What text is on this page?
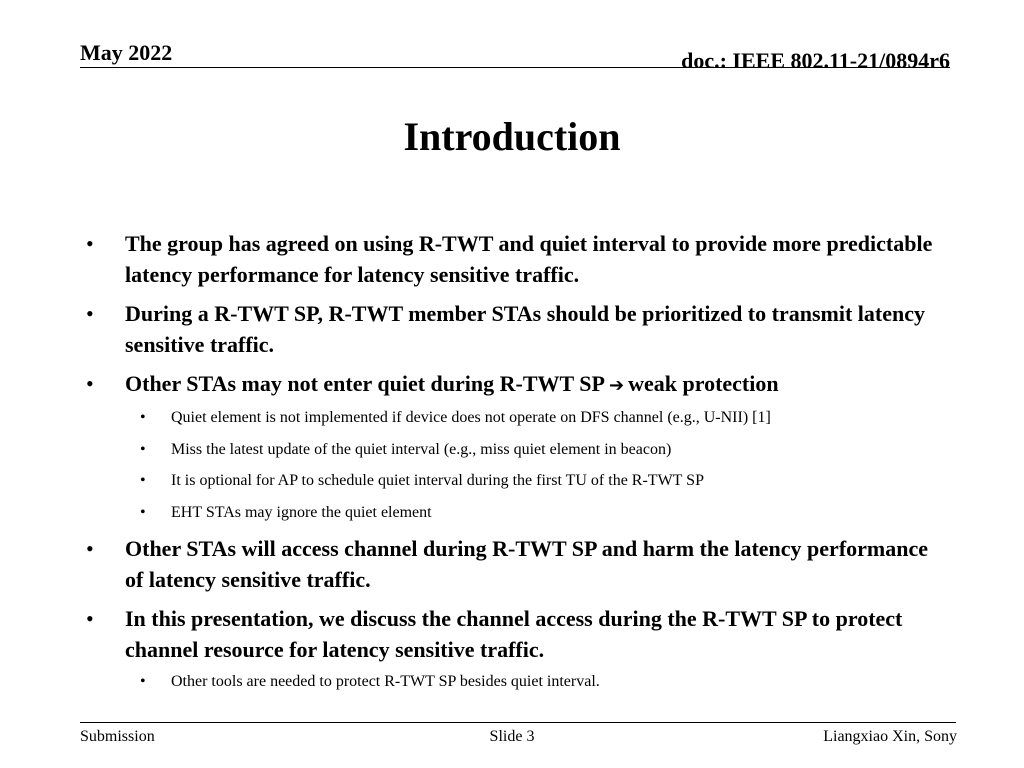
May 2022	doc.: IEEE 802.11-21/0894r6
Introduction
• The group has agreed on using R-TWT and quiet interval to provide more predictable latency performance for latency sensitive traffic.
• During a R-TWT SP, R-TWT member STAs should be prioritized to transmit latency sensitive traffic.
• Other STAs may not enter quiet during R-TWT SP ➔ weak protection
• Quiet element is not implemented if device does not operate on DFS channel (e.g., U-NII) [1]
• Miss the latest update of the quiet interval (e.g., miss quiet element in beacon)
• It is optional for AP to schedule quiet interval during the first TU of the R-TWT SP
• EHT STAs may ignore the quiet element
• Other STAs will access channel during R-TWT SP and harm the latency performance of latency sensitive traffic.
• In this presentation, we discuss the channel access during the R-TWT SP to protect channel resource for latency sensitive traffic.
• Other tools are needed to protect R-TWT SP besides quiet interval.
Submission	Slide 3	Liangxiao Xin, Sony
